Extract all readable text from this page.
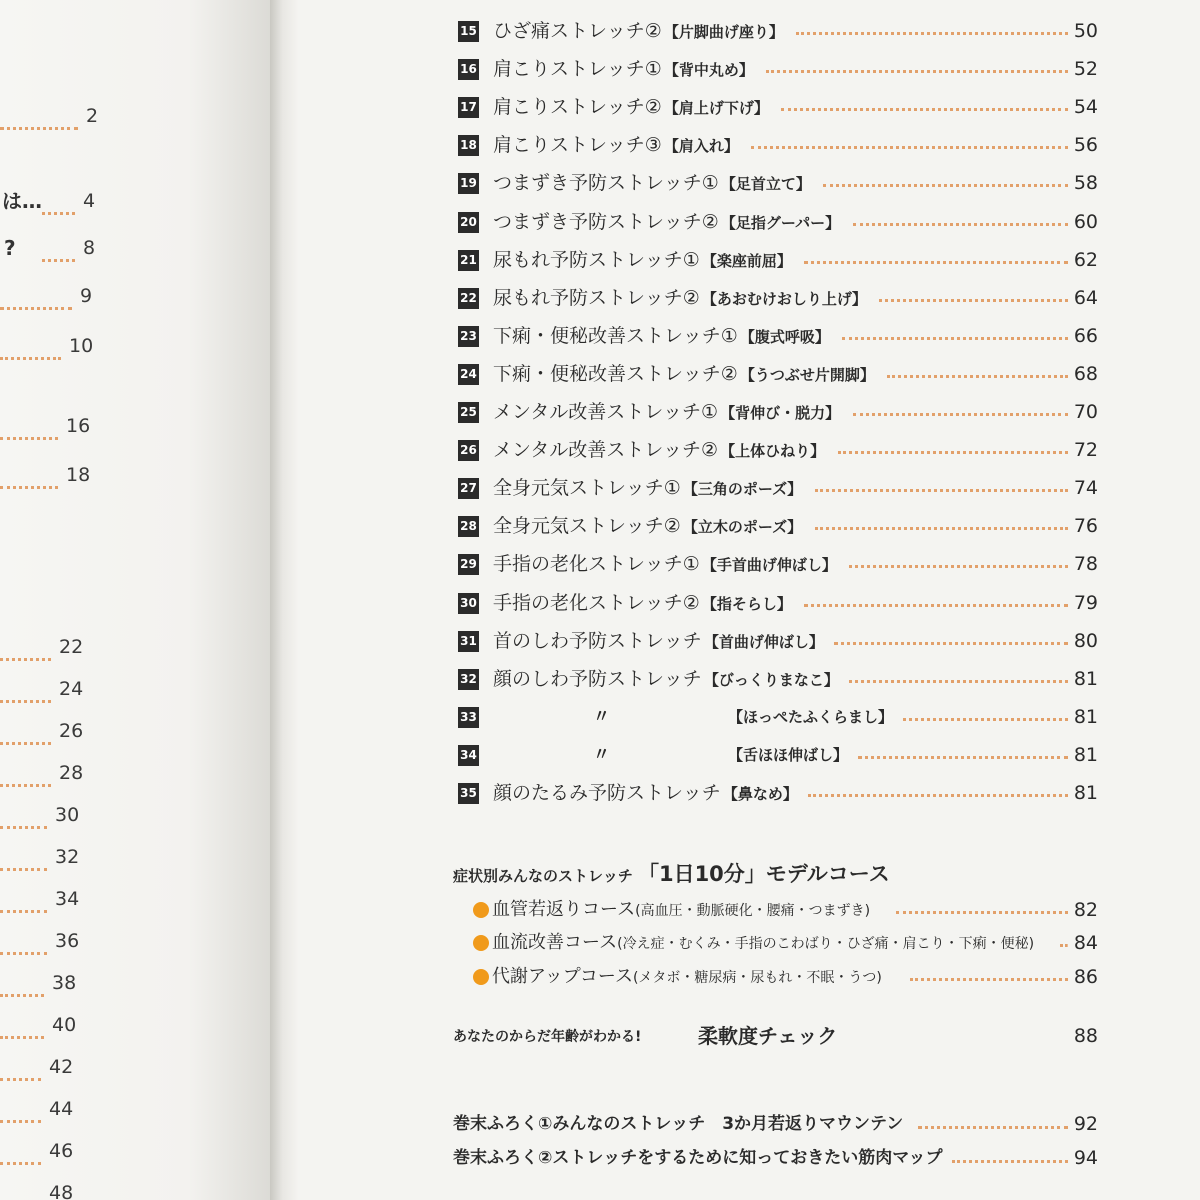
2
は… 4
?	8
9
10
16
18
22
24
26
28
30
32
34
36
38
40
42
44
46
48
15 ひざ痛ストレッチ② 【片脚曲げ座り】	50
16 肩こりストレッチ① 【背中丸め】	52
17 肩こりストレッチ② 【肩上げ下げ】	54
18 肩こりストレッチ③ 【肩入れ】	56
19 つまずき予防ストレッチ① 【足首立て】	58
20 つまずき予防ストレッチ② 【足指グーパー】	60
21 尿もれ予防ストレッチ① 【楽座前屈】	62
22 尿もれ予防ストレッチ② 【あおむけおしり上げ】	64
23 下痢・便秘改善ストレッチ① 【腹式呼吸】	66
24 下痢・便秘改善ストレッチ② 【うつぶせ片開脚】	68
25 メンタル改善ストレッチ① 【背伸び・脱力】	70
26 メンタル改善ストレッチ② 【上体ひねり】	72
27 全身元気ストレッチ① 【三角のポーズ】	74
28 全身元気ストレッチ② 【立木のポーズ】	76
29 手指の老化ストレッチ① 【手首曲げ伸ばし】	78
30 手指の老化ストレッチ② 【指そらし】	79
31 首のしわ予防ストレッチ 【首曲げ伸ばし】	80
32 顔のしわ予防ストレッチ 【びっくりまなこ】	81
33	〃	【ほっぺたふくらまし】	81
34	〃	【舌ほほ伸ばし】	81
35 顔のたるみ予防ストレッチ 【鼻なめ】	81
症状別みんなのストレッチ 「1日10分」モデルコース
血管若返りコース(高血圧・動脈硬化・腰痛・つまずき)	82
血流改善コース(冷え症・むくみ・手指のこわばり・ひざ痛・肩こり・下痢・便秘) 84
代謝アップコース(メタボ・糖尿病・尿もれ・不眠・うつ)	86
あなたのからだ年齢がわかる!	柔軟度チェック	88
巻末ふろく①みんなのストレッチ　3か月若返りマウンテン	92
巻末ふろく②ストレッチをするために知っておきたい筋肉マップ	94
